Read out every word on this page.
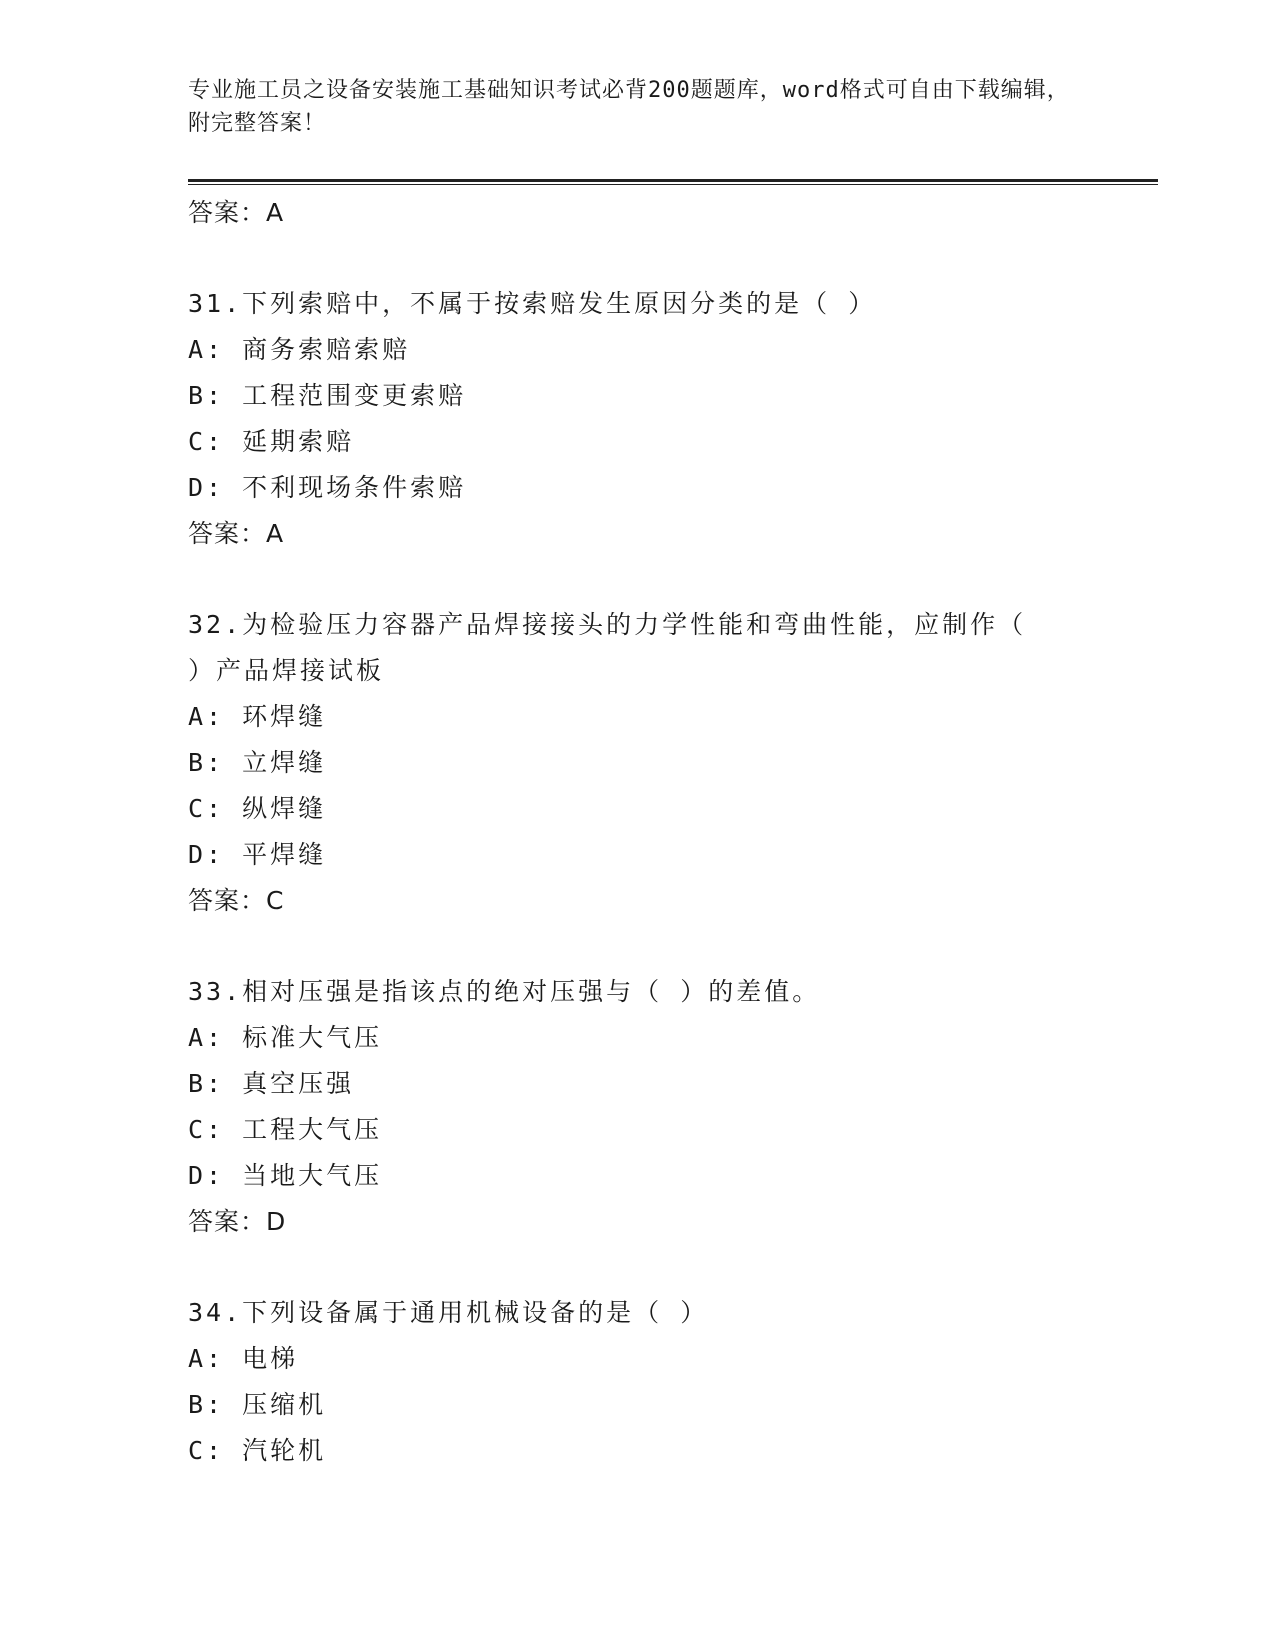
专业施工员之设备安装施工基础知识考试必背200题题库，word格式可自由下载编辑，附完整答案！
答案：A
31.下列索赔中，不属于按索赔发生原因分类的是（ ）
A: 商务索赔索赔
B: 工程范围变更索赔
C: 延期索赔
D: 不利现场条件索赔
答案：A
32.为检验压力容器产品焊接接头的力学性能和弯曲性能，应制作（ ）产品焊接试板
A: 环焊缝
B: 立焊缝
C: 纵焊缝
D: 平焊缝
答案：C
33.相对压强是指该点的绝对压强与（ ）的差值。
A: 标准大气压
B: 真空压强
C: 工程大气压
D: 当地大气压
答案：D
34.下列设备属于通用机械设备的是（ ）
A: 电梯
B: 压缩机
C: 汽轮机
